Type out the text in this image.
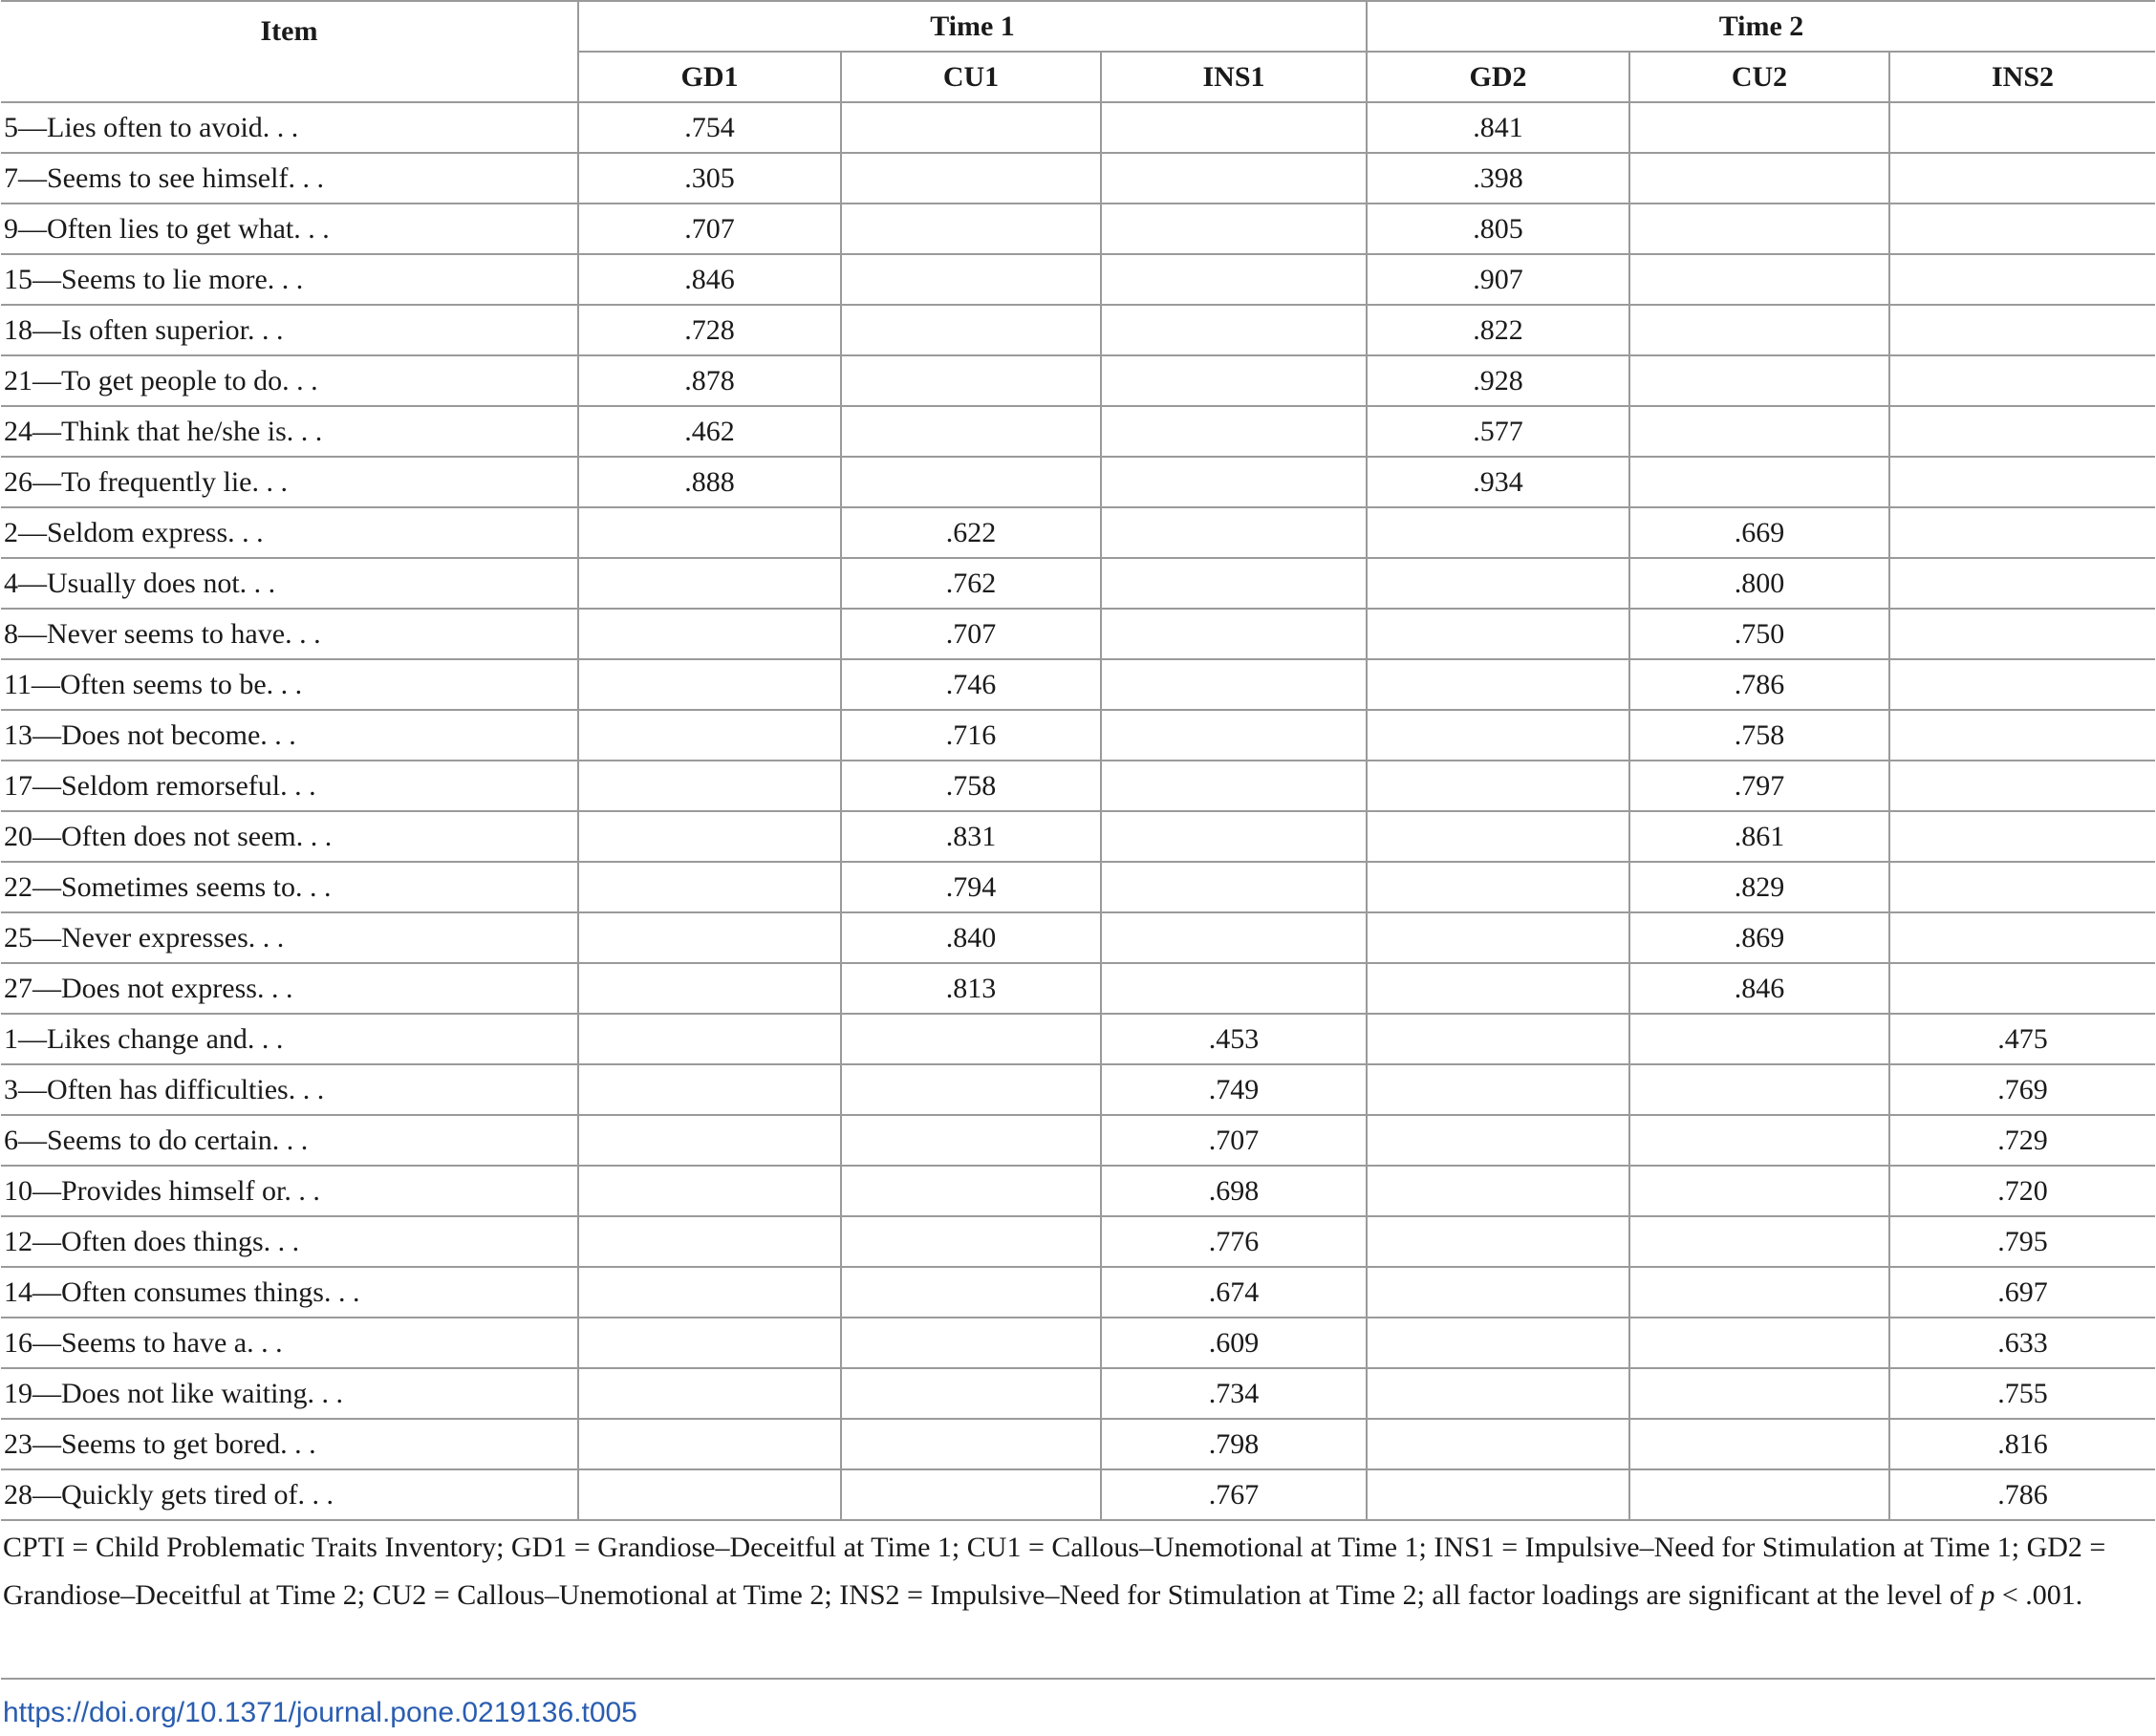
Item	Time 1			Time 2		
	GD1	CU1	INS1	GD2	CU2	INS2
5—Lies often to avoid. . .	.754			.841		
7—Seems to see himself. . .	.305			.398		
9—Often lies to get what. . .	.707			.805		
15—Seems to lie more. . .	.846			.907		
18—Is often superior. . .	.728			.822		
21—To get people to do. . .	.878			.928		
24—Think that he/she is. . .	.462			.577		
26—To frequently lie. . .	.888			.934		
2—Seldom express. . .		.622			.669	
4—Usually does not. . .		.762			.800	
8—Never seems to have. . .		.707			.750	
11—Often seems to be. . .		.746			.786	
13—Does not become. . .		.716			.758	
17—Seldom remorseful. . .		.758			.797	
20—Often does not seem. . .		.831			.861	
22—Sometimes seems to. . .		.794			.829	
25—Never expresses. . .		.840			.869	
27—Does not express. . .		.813			.846	
1—Likes change and. . .			.453			.475
3—Often has difficulties. . .			.749			.769
6—Seems to do certain. . .			.707			.729
10—Provides himself or. . .			.698			.720
12—Often does things. . .			.776			.795
14—Often consumes things. . .			.674			.697
16—Seems to have a. . .			.609			.633
19—Does not like waiting. . .			.734			.755
23—Seems to get bored. . .			.798			.816
28—Quickly gets tired of. . .			.767			.786
CPTI = Child Problematic Traits Inventory; GD1 = Grandiose–Deceitful at Time 1; CU1 = Callous–Unemotional at Time 1; INS1 = Impulsive–Need for Stimulation at Time 1; GD2 = Grandiose–Deceitful at Time 2; CU2 = Callous–Unemotional at Time 2; INS2 = Impulsive–Need for Stimulation at Time 2; all factor loadings are significant at the level of p < .001.
https://doi.org/10.1371/journal.pone.0219136.t005
